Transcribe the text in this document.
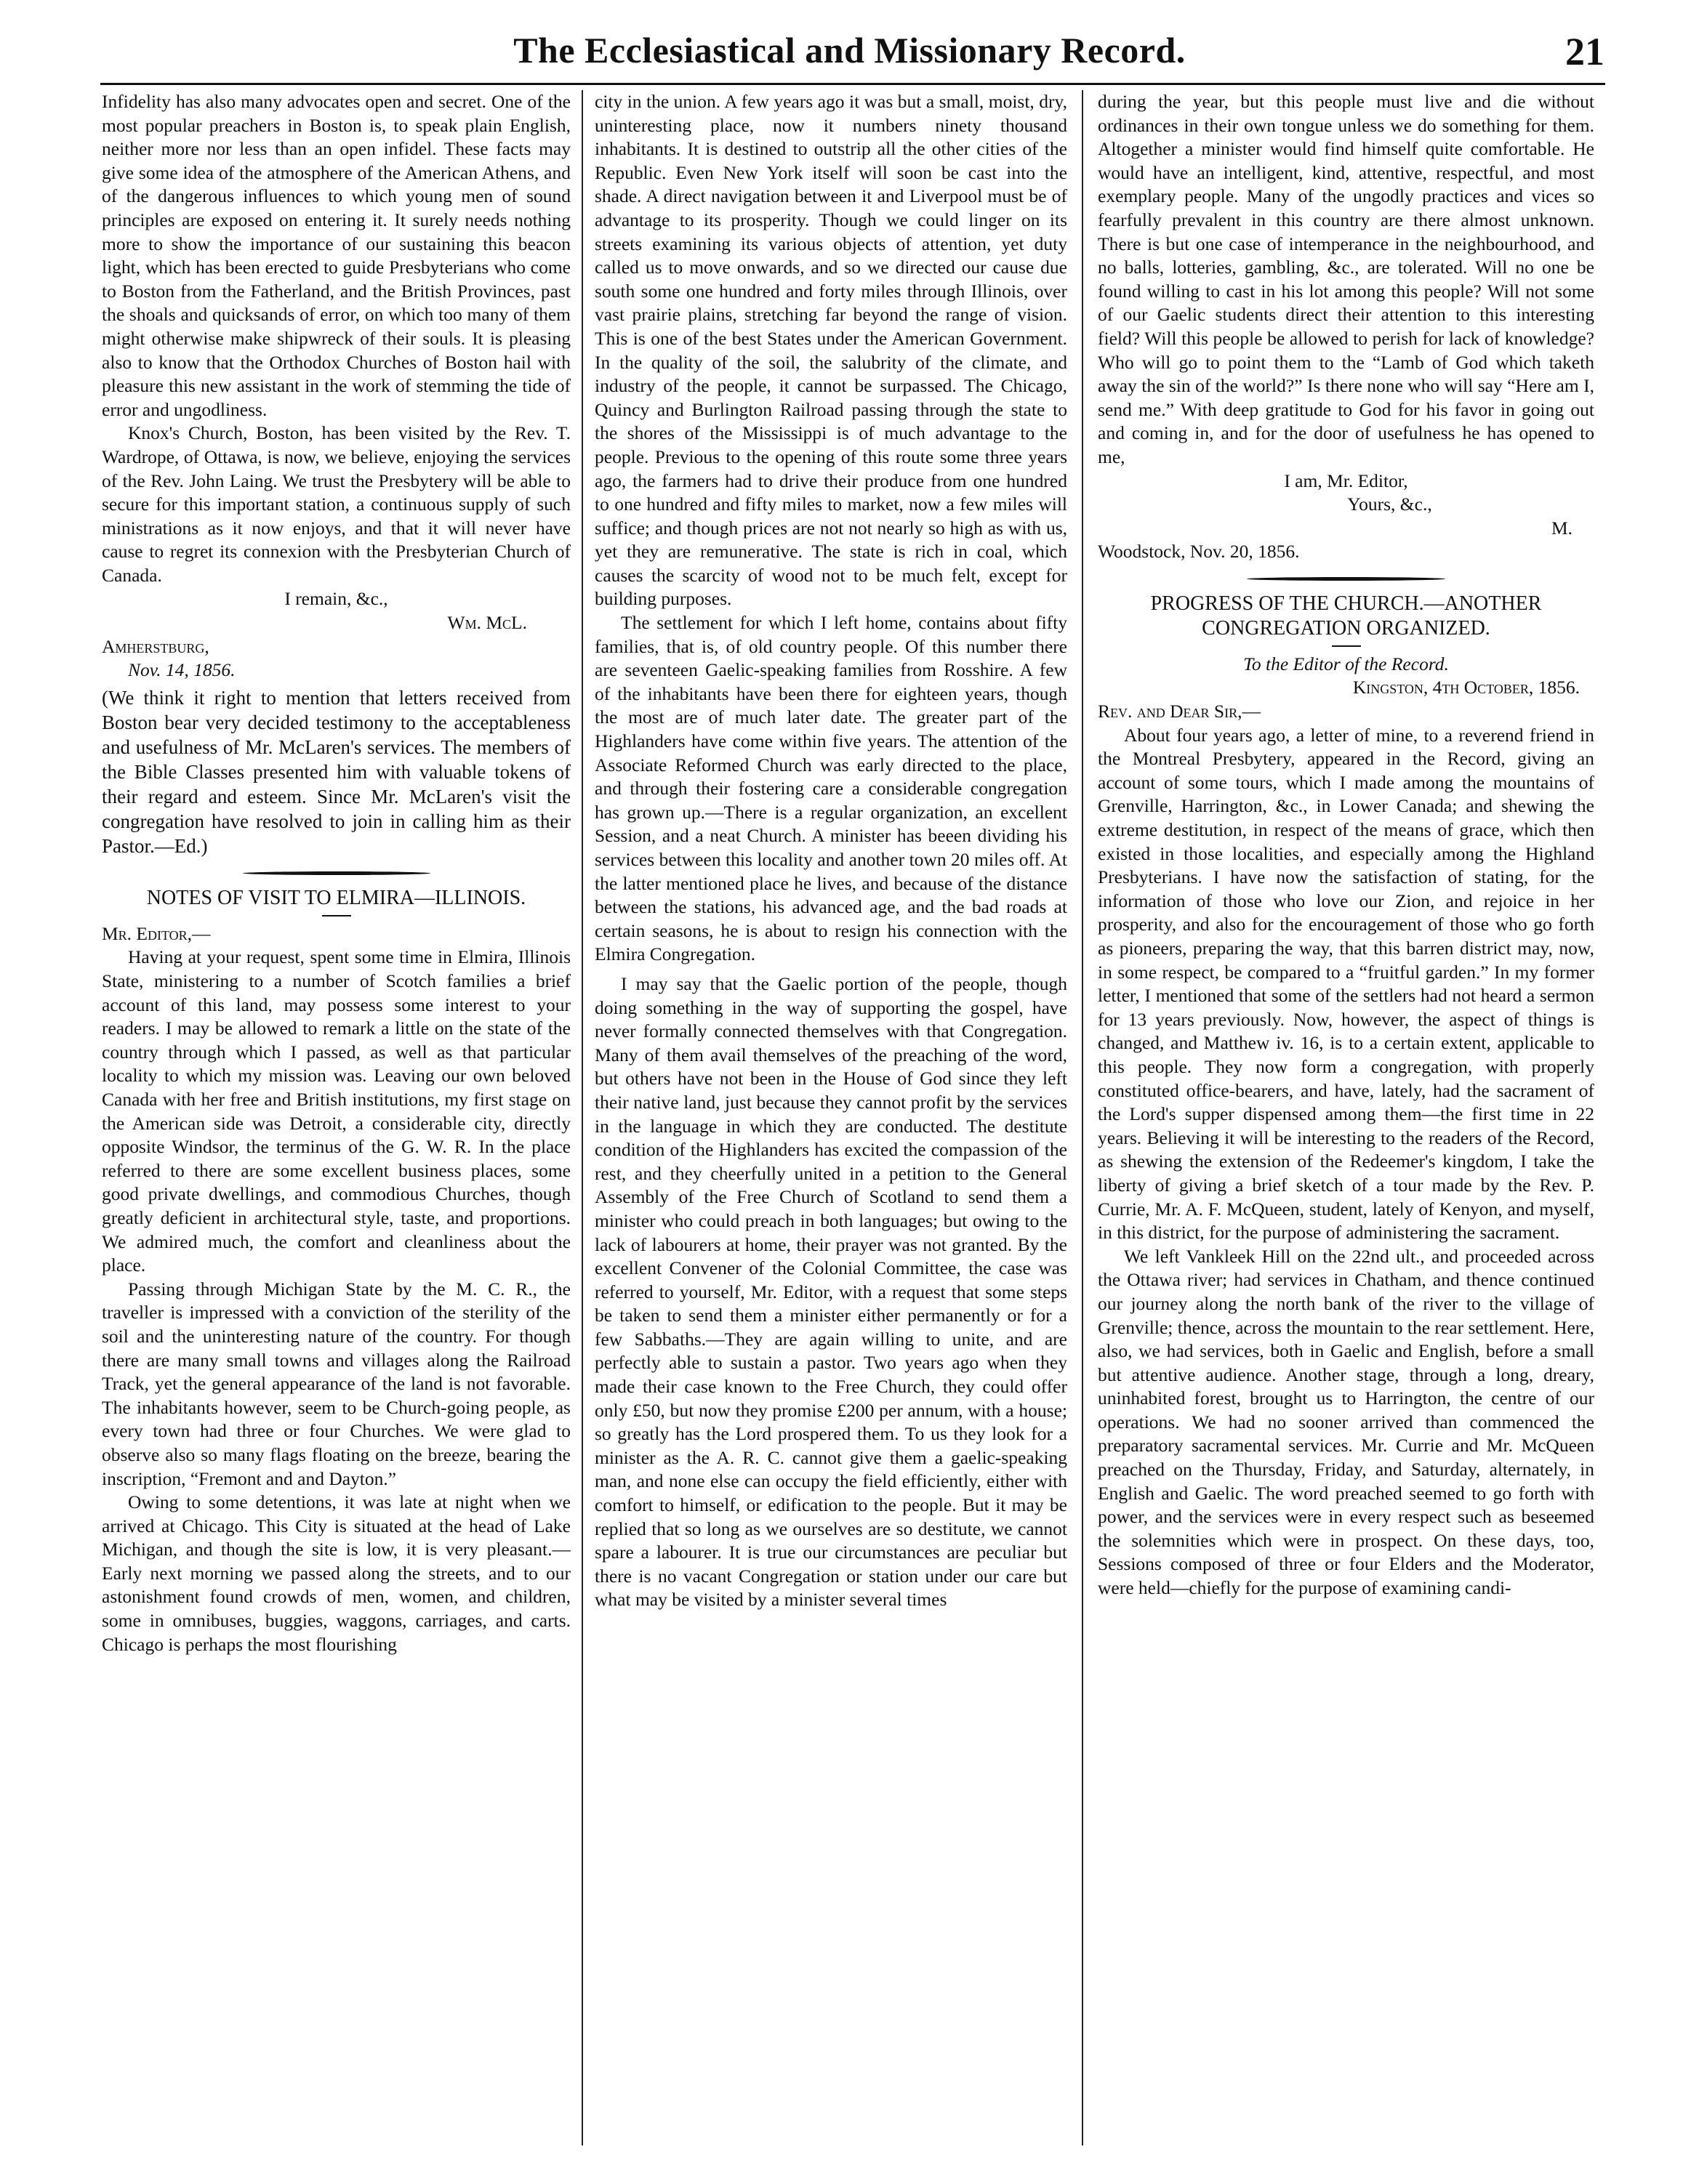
The Ecclesiastical and Missionary Record.	21

Infidelity has also many advocates open and secret. One of the most popular preachers in Boston is, to speak plain English, neither more nor less than an open infidel. These facts may give some idea of the atmosphere of the American Athens, and of the dangerous influences to which young men of sound principles are exposed on entering it. It surely needs nothing more to show the importance of our sustaining this beacon light, which has been erected to guide Presbyterians who come to Boston from the Fatherland, and the British Provinces, past the shoals and quicksands of error, on which too many of them might otherwise make shipwreck of their souls. It is pleasing also to know that the Orthodox Churches of Boston hail with pleasure this new assistant in the work of stemming the tide of error and ungodliness.

Knox's Church, Boston, has been visited by the Rev. T. Wardrope, of Ottawa, is now, we believe, enjoying the services of the Rev. John Laing. We trust the Presbytery will be able to secure for this important station, a continuous supply of such ministrations as it now enjoys, and that it will never have cause to regret its connexion with the Presbyterian Church of Canada.

I remain, &c.,

Wm. McL.

Amherstburg,

Nov. 14, 1856.

(We think it right to mention that letters received from Boston bear very decided testimony to the acceptableness and usefulness of Mr. McLaren's services. The members of the Bible Classes presented him with valuable tokens of their regard and esteem. Since Mr. McLaren's visit the congregation have resolved to join in calling him as their Pastor.—Ed.)

NOTES OF VISIT TO ELMIRA—ILLINOIS.

Mr. Editor,—

Having at your request, spent some time in Elmira, Illinois State, ministering to a number of Scotch families a brief account of this land, may possess some interest to your readers. I may be allowed to remark a little on the state of the country through which I passed, as well as that particular locality to which my mission was. Leaving our own beloved Canada with her free and British institutions, my first stage on the American side was Detroit, a considerable city, directly opposite Windsor, the terminus of the G. W. R. In the place referred to there are some excellent business places, some good private dwellings, and commodious Churches, though greatly deficient in architectural style, taste, and proportions. We admired much, the comfort and cleanliness about the place.

Passing through Michigan State by the M. C. R., the traveller is impressed with a conviction of the sterility of the soil and the uninteresting nature of the country. For though there are many small towns and villages along the Railroad Track, yet the general appearance of the land is not favorable. The inhabitants however, seem to be Church-going people, as every town had three or four Churches. We were glad to observe also so many flags floating on the breeze, bearing the inscription, “Fremont and and Dayton.”

Owing to some detentions, it was late at night when we arrived at Chicago. This City is situated at the head of Lake Michigan, and though the site is low, it is very pleasant.—Early next morning we passed along the streets, and to our astonishment found crowds of men, women, and children, some in omnibuses, buggies, waggons, carriages, and carts. Chicago is perhaps the most flourishing

city in the union. A few years ago it was but a small, moist, dry, uninteresting place, now it numbers ninety thousand inhabitants. It is destined to outstrip all the other cities of the Republic. Even New York itself will soon be cast into the shade. A direct navigation between it and Liverpool must be of advantage to its prosperity. Though we could linger on its streets examining its various objects of attention, yet duty called us to move onwards, and so we directed our cause due south some one hundred and forty miles through Illinois, over vast prairie plains, stretching far beyond the range of vision. This is one of the best States under the American Government. In the quality of the soil, the salubrity of the climate, and industry of the people, it cannot be surpassed. The Chicago, Quincy and Burlington Railroad passing through the state to the shores of the Mississippi is of much advantage to the people. Previous to the opening of this route some three years ago, the farmers had to drive their produce from one hundred to one hundred and fifty miles to market, now a few miles will suffice; and though prices are not not nearly so high as with us, yet they are remunerative. The state is rich in coal, which causes the scarcity of wood not to be much felt, except for building purposes.

The settlement for which I left home, contains about fifty families, that is, of old country people. Of this number there are seventeen Gaelic-speaking families from Rosshire. A few of the inhabitants have been there for eighteen years, though the most are of much later date. The greater part of the Highlanders have come within five years. The attention of the Associate Reformed Church was early directed to the place, and through their fostering care a considerable congregation has grown up.—There is a regular organization, an excellent Session, and a neat Church. A minister has beeen dividing his services between this locality and another town 20 miles off. At the latter mentioned place he lives, and because of the distance between the stations, his advanced age, and the bad roads at certain seasons, he is about to resign his connection with the Elmira Congregation.

I may say that the Gaelic portion of the people, though doing something in the way of supporting the gospel, have never formally connected themselves with that Congregation. Many of them avail themselves of the preaching of the word, but others have not been in the House of God since they left their native land, just because they cannot profit by the services in the language in which they are conducted. The destitute condition of the Highlanders has excited the compassion of the rest, and they cheerfully united in a petition to the General Assembly of the Free Church of Scotland to send them a minister who could preach in both languages; but owing to the lack of labourers at home, their prayer was not granted. By the excellent Convener of the Colonial Committee, the case was referred to yourself, Mr. Editor, with a request that some steps be taken to send them a minister either permanently or for a few Sabbaths.—They are again willing to unite, and are perfectly able to sustain a pastor. Two years ago when they made their case known to the Free Church, they could offer only £50, but now they promise £200 per annum, with a house; so greatly has the Lord prospered them. To us they look for a minister as the A. R. C. cannot give them a gaelic-speaking man, and none else can occupy the field efficiently, either with comfort to himself, or edification to the people. But it may be replied that so long as we ourselves are so destitute, we cannot spare a labourer. It is true our circumstances are peculiar but there is no vacant Congregation or station under our care but what may be visited by a minister several times

during the year, but this people must live and die without ordinances in their own tongue unless we do something for them. Altogether a minister would find himself quite comfortable. He would have an intelligent, kind, attentive, respectful, and most exemplary people. Many of the ungodly practices and vices so fearfully prevalent in this country are there almost unknown. There is but one case of intemperance in the neighbourhood, and no balls, lotteries, gambling, &c., are tolerated. Will no one be found willing to cast in his lot among this people? Will not some of our Gaelic students direct their attention to this interesting field? Will this people be allowed to perish for lack of knowledge? Who will go to point them to the “Lamb of God which taketh away the sin of the world?” Is there none who will say “Here am I, send me.” With deep gratitude to God for his favor in going out and coming in, and for the door of usefulness he has opened to me,

I am, Mr. Editor,

Yours, &c.,

M.

Woodstock, Nov. 20, 1856.

PROGRESS OF THE CHURCH.—ANOTHER CONGREGATION ORGANIZED.

To the Editor of the Record.

Kingston, 4th October, 1856.

Rev. and Dear Sir,—

About four years ago, a letter of mine, to a reverend friend in the Montreal Presbytery, appeared in the Record, giving an account of some tours, which I made among the mountains of Grenville, Harrington, &c., in Lower Canada; and shewing the extreme destitution, in respect of the means of grace, which then existed in those localities, and especially among the Highland Presbyterians. I have now the satisfaction of stating, for the information of those who love our Zion, and rejoice in her prosperity, and also for the encouragement of those who go forth as pioneers, preparing the way, that this barren district may, now, in some respect, be compared to a “fruitful garden.” In my former letter, I mentioned that some of the settlers had not heard a sermon for 13 years previously. Now, however, the aspect of things is changed, and Matthew iv. 16, is to a certain extent, applicable to this people. They now form a congregation, with properly constituted office-bearers, and have, lately, had the sacrament of the Lord's supper dispensed among them—the first time in 22 years. Believing it will be interesting to the readers of the Record, as shewing the extension of the Redeemer's kingdom, I take the liberty of giving a brief sketch of a tour made by the Rev. P. Currie, Mr. A. F. McQueen, student, lately of Kenyon, and myself, in this district, for the purpose of administering the sacrament.

We left Vankleek Hill on the 22nd ult., and proceeded across the Ottawa river; had services in Chatham, and thence continued our journey along the north bank of the river to the village of Grenville; thence, across the mountain to the rear settlement. Here, also, we had services, both in Gaelic and English, before a small but attentive audience. Another stage, through a long, dreary, uninhabited forest, brought us to Harrington, the centre of our operations. We had no sooner arrived than commenced the preparatory sacramental services. Mr. Currie and Mr. McQueen preached on the Thursday, Friday, and Saturday, alternately, in English and Gaelic. The word preached seemed to go forth with power, and the services were in every respect such as beseemed the solemnities which were in prospect. On these days, too, Sessions composed of three or four Elders and the Moderator, were held—chiefly for the purpose of examining candi-
